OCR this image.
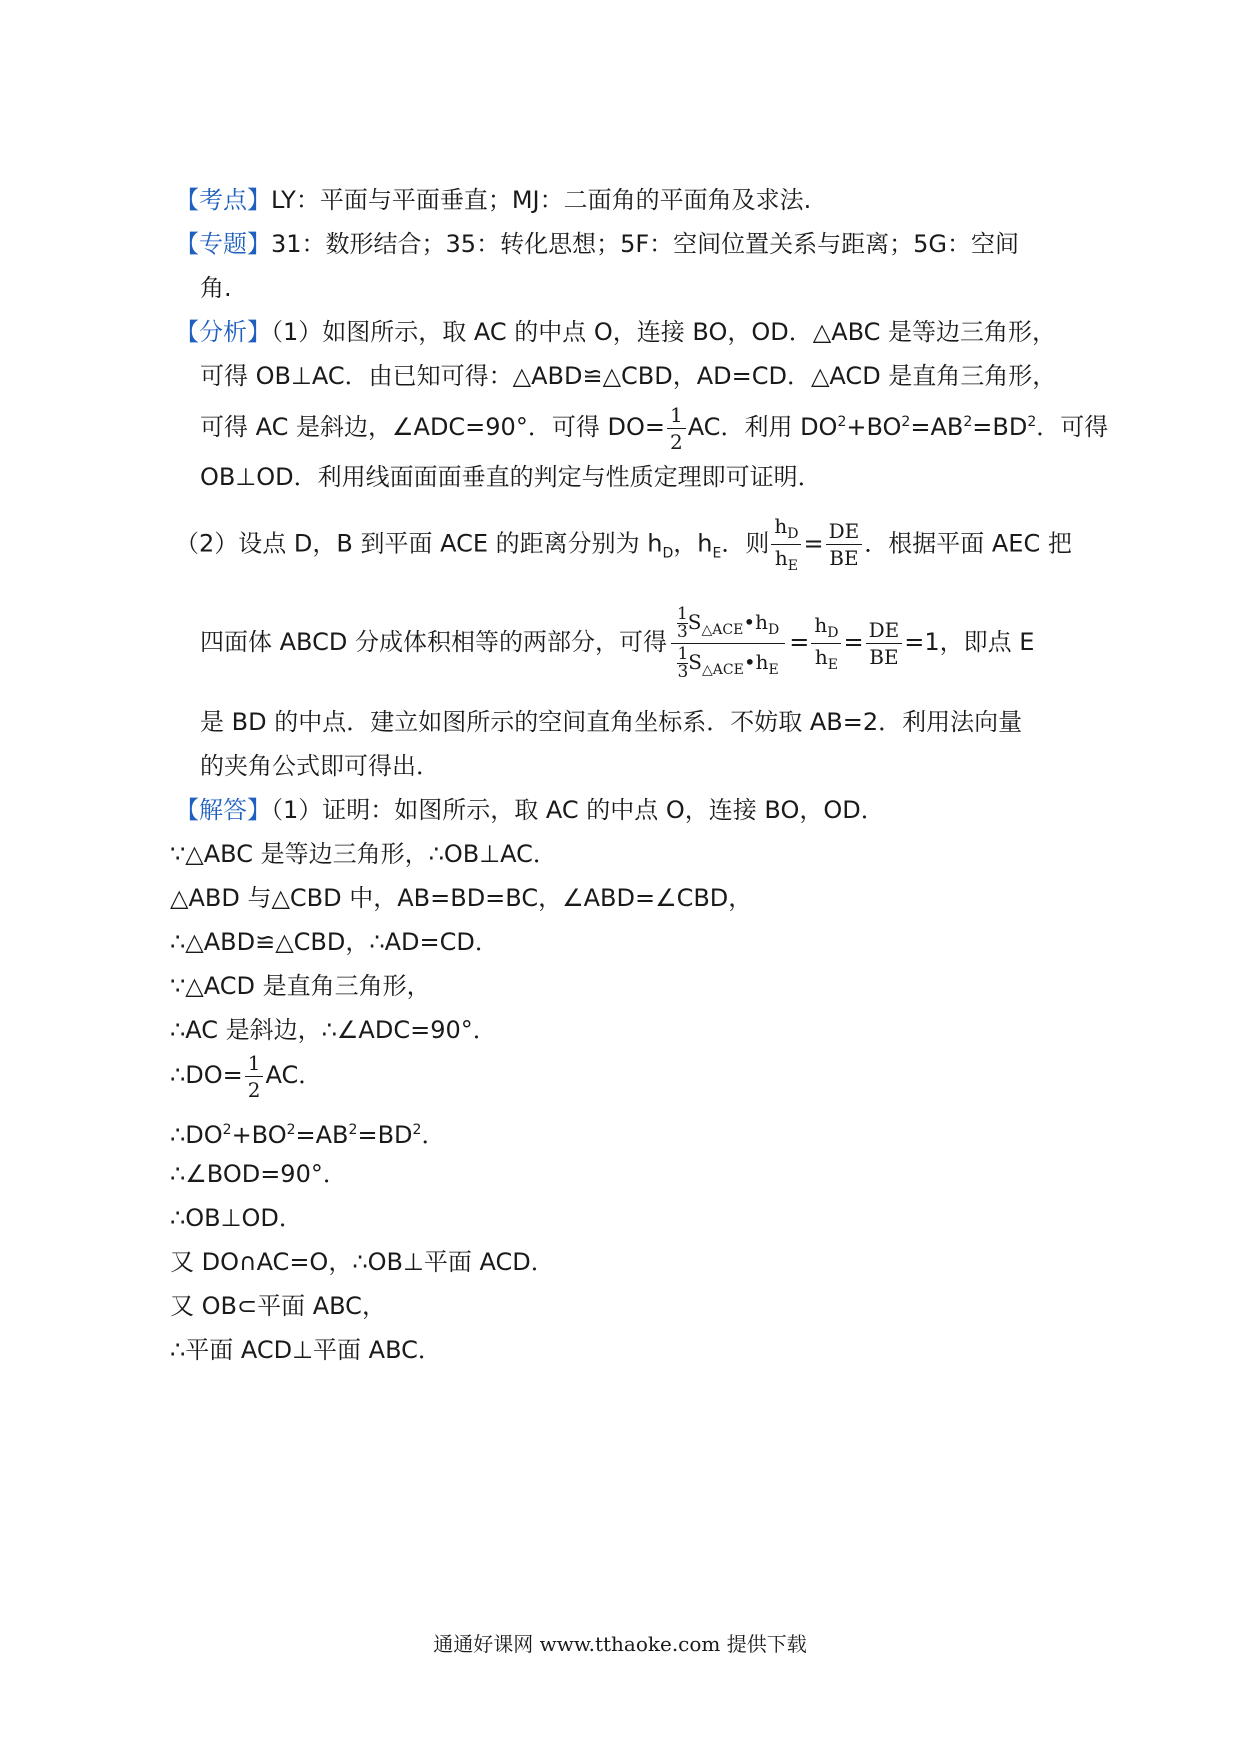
【考点】LY：平面与平面垂直；MJ：二面角的平面角及求法.
【专题】31：数形结合；35：转化思想；5F：空间位置关系与距离；5G：空间
角.
【分析】（1）如图所示，取 AC 的中点 O，连接 BO，OD．△ABC 是等边三角形，
可得 OB⊥AC．由已知可得：△ABD≌△CBD，AD=CD．△ACD 是直角三角形，
可得 AC 是斜边，∠ADC=90°．可得 $DO= \frac{1}{2}$ AC．利用 $DO^2+BO^2=AB^2=BD^2$．可得
OB⊥OD．利用线面面面垂直的判定与性质定理即可证明．
（2）设点 D，B 到平面 ACE 的距离分别为 $h_D$，$h_E$．则 $\frac{h_D}{h_E} = \frac{DE}{BE}$ ．根据平面 AEC 把
四面体 ABCD 分成体积相等的两部分，可得
$\frac{1}{3}$ $S_{\triangle ACE}•h_D$
$\frac{1}{3}$ $S_{\triangle ACE}•h_E$
= $\frac{h_D}{h_E} = \frac{DE}{BE} =1$，即点 E
是 BD 的中点．建立如图所示的空间直角坐标系．不妨取 AB=2．利用法向量
的夹角公式即可得出．
【解答】（1）证明：如图所示，取 AC 的中点 O，连接 BO，OD．
∵△ABC 是等边三角形，∴OB⊥AC．
△ABD 与△CBD 中，AB=BD=BC，∠ABD=∠CBD，
∴△ABD≌△CBD，∴AD=CD．
∵△ACD 是直角三角形，
∴AC 是斜边，∴∠ADC=90°．
∴DO= $\frac{1}{2}$ AC．
$\therefore DO^2+BO^2=AB^2=BD^2$．
∴∠BOD=90°．
∴OB⊥OD．
又 DO∩AC=O，∴OB⊥平面 ACD．
又 OB⊂平面 ABC，
∴平面 ACD⊥平面 ABC．
通通好课网 www.tthaoke.com 提供下载
